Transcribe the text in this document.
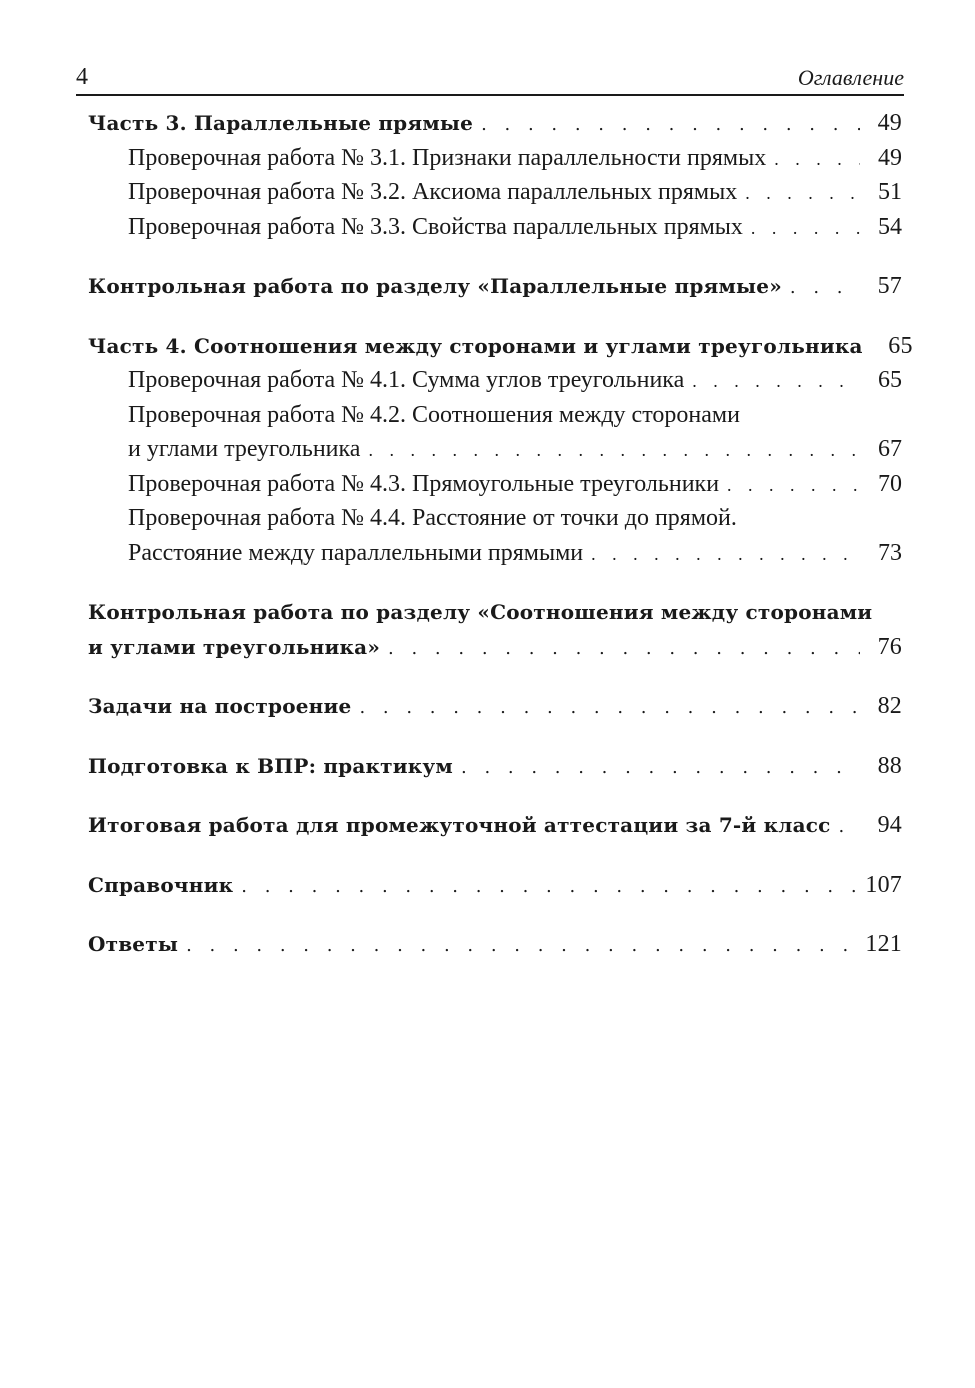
4	Оглавление
Часть 3. Параллельные прямые . . .	49
Проверочная работа № 3.1. Признаки параллельности прямых . . .	49
Проверочная работа № 3.2. Аксиома параллельных прямых . . .	51
Проверочная работа № 3.3. Свойства параллельных прямых . . .	54
Контрольная работа по разделу «Параллельные прямые» . . .	57
Часть 4. Соотношения между сторонами и углами треугольника	65
Проверочная работа № 4.1. Сумма углов треугольника . . .	65
Проверочная работа № 4.2. Соотношения между сторонами
и углами треугольника . . .	67
Проверочная работа № 4.3. Прямоугольные треугольники . . .	70
Проверочная работа № 4.4. Расстояние от точки до прямой.
Расстояние между параллельными прямыми . . .	73
Контрольная работа по разделу «Соотношения между сторонами
и углами треугольника» . . .	76
Задачи на построение . . .	82
Подготовка к ВПР: практикум . . .	88
Итоговая работа для промежуточной аттестации за 7-й класс . . .	94
Справочник . . .	107
Ответы . . .	121
